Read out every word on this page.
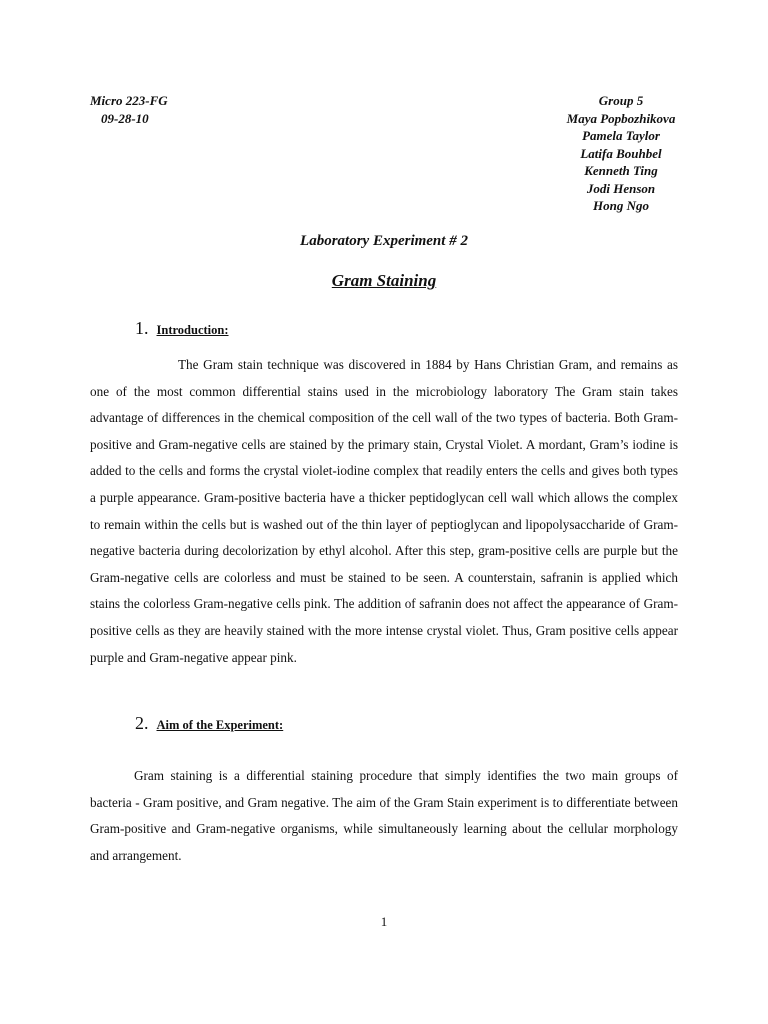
Micro 223-FG
09-28-10
Group 5
Maya Popbozhikova
Pamela Taylor
Latifa Bouhbel
Kenneth Ting
Jodi Henson
Hong Ngo
Laboratory Experiment # 2
Gram Staining
1. Introduction:
The Gram stain technique was discovered in 1884 by Hans Christian Gram, and remains as one of the most common differential stains used in the microbiology laboratory The Gram stain takes advantage of differences in the chemical composition of the cell wall of the two types of bacteria. Both Gram-positive and Gram-negative cells are stained by the primary stain, Crystal Violet. A mordant, Gram’s iodine is added to the cells and forms the crystal violet-iodine complex that readily enters the cells and gives both types a purple appearance. Gram-positive bacteria have a thicker peptidoglycan cell wall which allows the complex to remain within the cells but is washed out of the thin layer of peptioglycan and lipopolysaccharide of Gram-negative bacteria during decolorization by ethyl alcohol. After this step, gram-positive cells are purple but the Gram-negative cells are colorless and must be stained to be seen. A counterstain, safranin is applied which stains the colorless Gram-negative cells pink. The addition of safranin does not affect the appearance of Gram-positive cells as they are heavily stained with the more intense crystal violet. Thus, Gram positive cells appear purple and Gram-negative appear pink.
2. Aim of the Experiment:
Gram staining is a differential staining procedure that simply identifies the two main groups of bacteria - Gram positive, and Gram negative. The aim of the Gram Stain experiment is to differentiate between Gram-positive and Gram-negative organisms, while simultaneously learning about the cellular morphology and arrangement.
1
